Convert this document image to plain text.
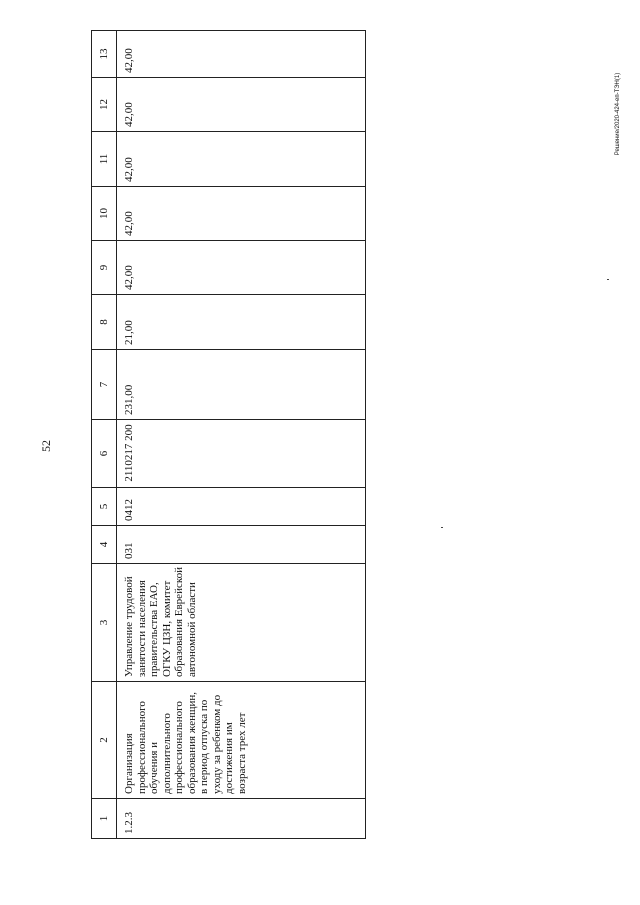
52
Решение/2020-424-еп-ТЭН(1)
1	2	3	4	5	6	7	8	9	10	11	12	13
1.2.3	Организация профессионального обучения и дополнительного профессионального образования женщин, в период отпуска по уходу за ребенком до достижения им возраста трех лет	Управление трудовой занятости населения правительства ЕАО, ОГКУ ЦЗН, комитет образования Еврейской автономной области	031	0412	2110217 200	231,00	21,00	42,00	42,00	42,00	42,00	42,00
